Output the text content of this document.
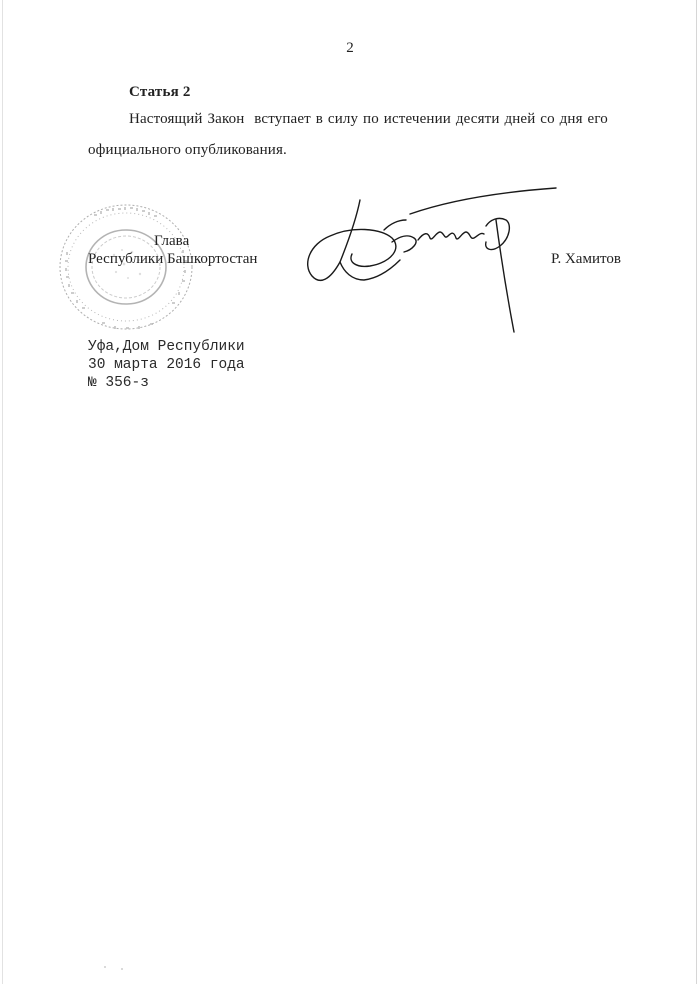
2
Статья 2
Настоящий Закон  вступает в силу по истечении десяти дней со дня его
официального опубликования.
Глава
Республики Башкортостан	Р. Хамитов
Уфа,Дом Республики
30 марта 2016 года
№ 356-з
